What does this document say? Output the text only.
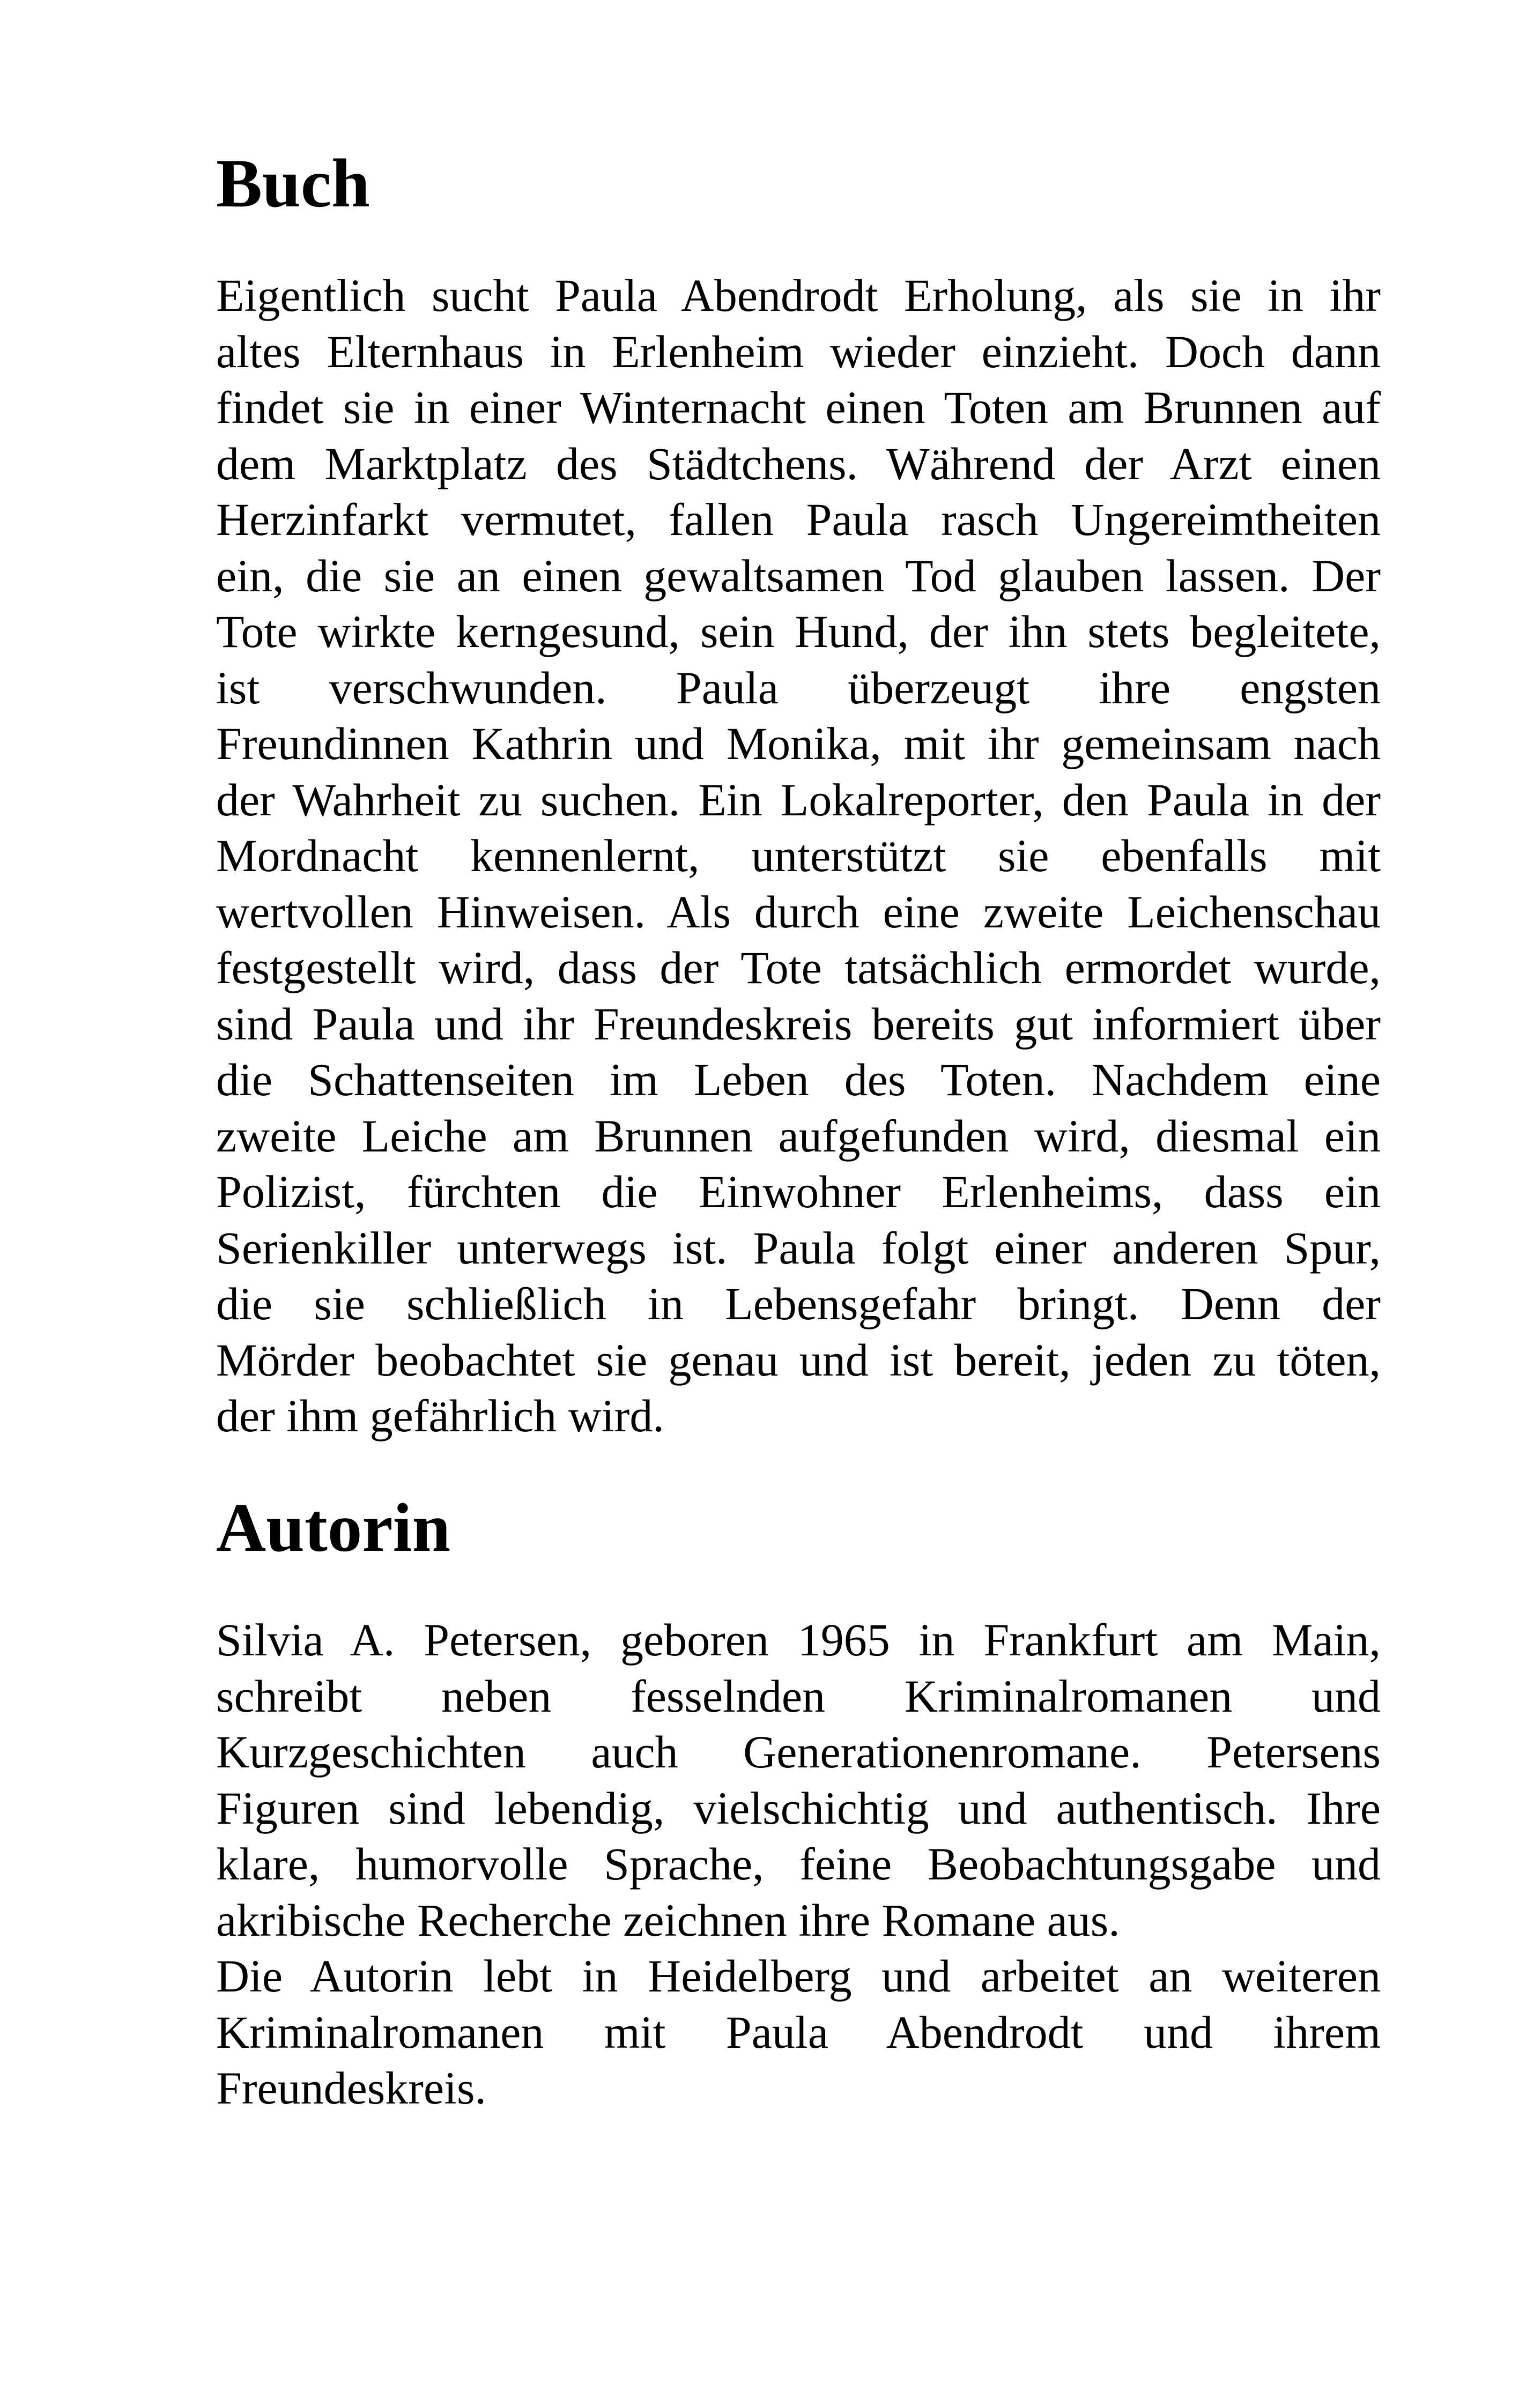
Buch
Eigentlich sucht Paula Abendrodt Erholung, als sie in ihr
altes Elternhaus in Erlenheim wieder einzieht. Doch dann
findet sie in einer Winternacht einen Toten am Brunnen auf
dem Marktplatz des Städtchens. Während der Arzt einen
Herzinfarkt vermutet, fallen Paula rasch Ungereimtheiten
ein, die sie an einen gewaltsamen Tod glauben lassen. Der
Tote wirkte kerngesund, sein Hund, der ihn stets begleitete,
ist verschwunden. Paula überzeugt ihre engsten
Freundinnen Kathrin und Monika, mit ihr gemeinsam nach
der Wahrheit zu suchen. Ein Lokalreporter, den Paula in der
Mordnacht kennenlernt, unterstützt sie ebenfalls mit
wertvollen Hinweisen. Als durch eine zweite Leichenschau
festgestellt wird, dass der Tote tatsächlich ermordet wurde,
sind Paula und ihr Freundeskreis bereits gut informiert über
die Schattenseiten im Leben des Toten. Nachdem eine
zweite Leiche am Brunnen aufgefunden wird, diesmal ein
Polizist, fürchten die Einwohner Erlenheims, dass ein
Serienkiller unterwegs ist. Paula folgt einer anderen Spur,
die sie schließlich in Lebensgefahr bringt. Denn der
Mörder beobachtet sie genau und ist bereit, jeden zu töten,
der ihm gefährlich wird.
Autorin
Silvia A. Petersen, geboren 1965 in Frankfurt am Main,
schreibt neben fesselnden Kriminalromanen und
Kurzgeschichten auch Generationenromane. Petersens
Figuren sind lebendig, vielschichtig und authentisch. Ihre
klare, humorvolle Sprache, feine Beobachtungsgabe und
akribische Recherche zeichnen ihre Romane aus.
Die Autorin lebt in Heidelberg und arbeitet an weiteren
Kriminalromanen mit Paula Abendrodt und ihrem
Freundeskreis.
